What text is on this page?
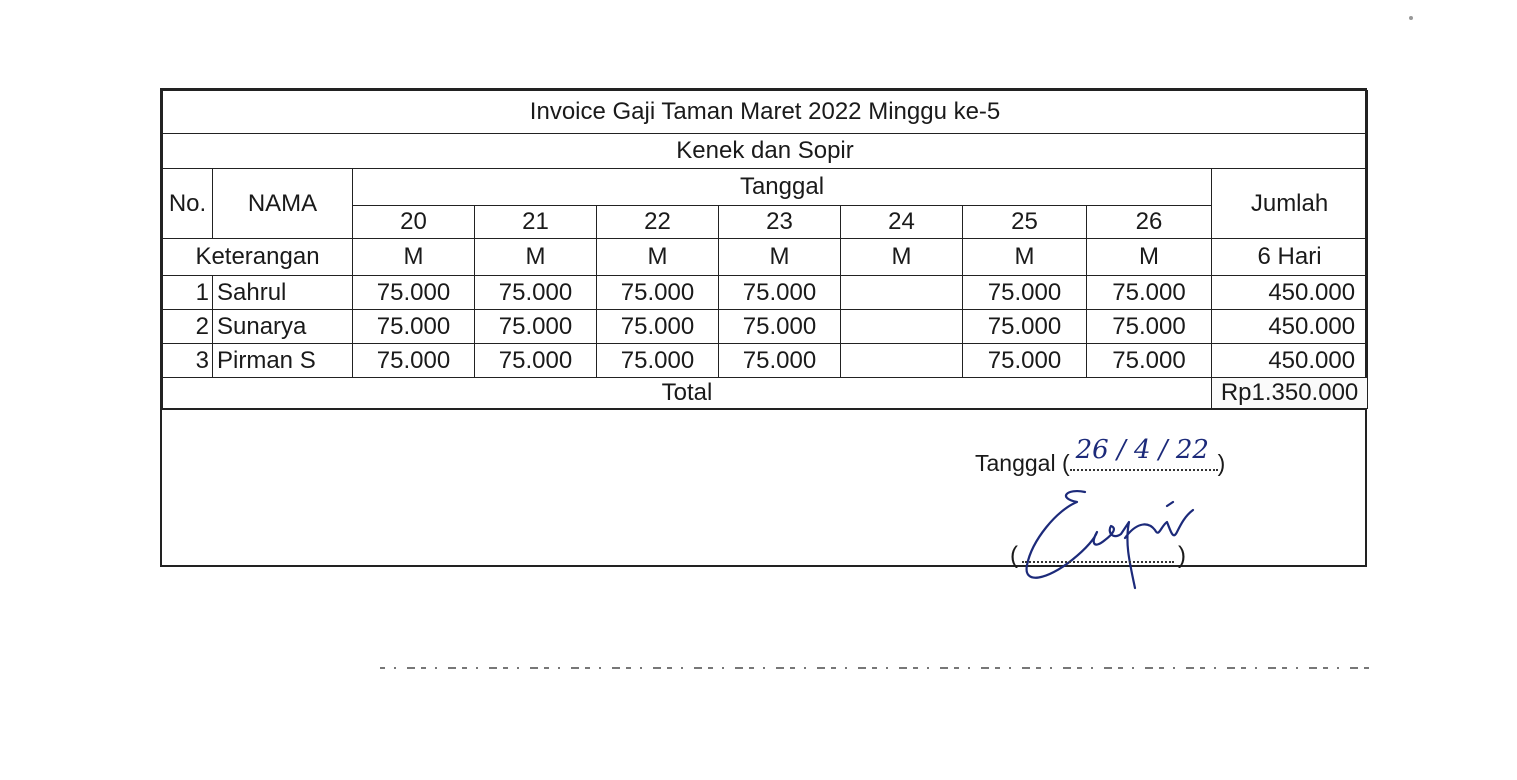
Invoice Gaji Taman Maret 2022 Minggu ke-5									
Kenek dan Sopir									
No.	NAMA	Tanggal							Jumlah
		20	21	22	23	24	25	26	
Keterangan		M	M	M	M	M	M	M	6 Hari
1	Sahrul	75.000	75.000	75.000	75.000		75.000	75.000	450.000
2	Sunarya	75.000	75.000	75.000	75.000		75.000	75.000	450.000
3	Pirman S	75.000	75.000	75.000	75.000		75.000	75.000	450.000
Total									Rp1.350.000
Tanggal ( 26 / 4 / 22 )
(	)
